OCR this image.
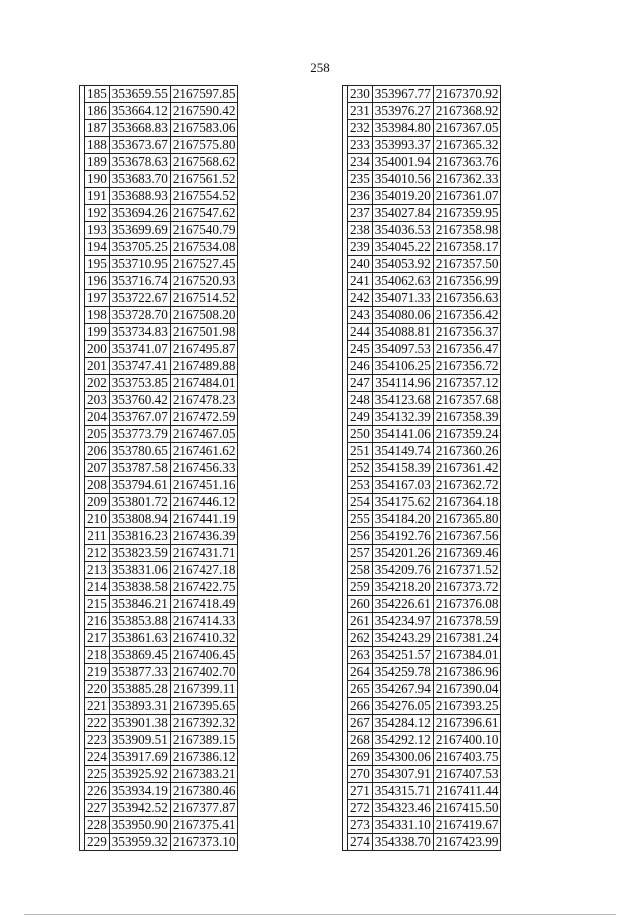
258
	185	353659.55	2167597.85
	186	353664.12	2167590.42
	187	353668.83	2167583.06
	188	353673.67	2167575.80
	189	353678.63	2167568.62
	190	353683.70	2167561.52
	191	353688.93	2167554.52
	192	353694.26	2167547.62
	193	353699.69	2167540.79
	194	353705.25	2167534.08
	195	353710.95	2167527.45
	196	353716.74	2167520.93
	197	353722.67	2167514.52
	198	353728.70	2167508.20
	199	353734.83	2167501.98
	200	353741.07	2167495.87
	201	353747.41	2167489.88
	202	353753.85	2167484.01
	203	353760.42	2167478.23
	204	353767.07	2167472.59
	205	353773.79	2167467.05
	206	353780.65	2167461.62
	207	353787.58	2167456.33
	208	353794.61	2167451.16
	209	353801.72	2167446.12
	210	353808.94	2167441.19
	211	353816.23	2167436.39
	212	353823.59	2167431.71
	213	353831.06	2167427.18
	214	353838.58	2167422.75
	215	353846.21	2167418.49
	216	353853.88	2167414.33
	217	353861.63	2167410.32
	218	353869.45	2167406.45
	219	353877.33	2167402.70
	220	353885.28	2167399.11
	221	353893.31	2167395.65
	222	353901.38	2167392.32
	223	353909.51	2167389.15
	224	353917.69	2167386.12
	225	353925.92	2167383.21
	226	353934.19	2167380.46
	227	353942.52	2167377.87
	228	353950.90	2167375.41
	229	353959.32	2167373.10
	230	353967.77	2167370.92
	231	353976.27	2167368.92
	232	353984.80	2167367.05
	233	353993.37	2167365.32
	234	354001.94	2167363.76
	235	354010.56	2167362.33
	236	354019.20	2167361.07
	237	354027.84	2167359.95
	238	354036.53	2167358.98
	239	354045.22	2167358.17
	240	354053.92	2167357.50
	241	354062.63	2167356.99
	242	354071.33	2167356.63
	243	354080.06	2167356.42
	244	354088.81	2167356.37
	245	354097.53	2167356.47
	246	354106.25	2167356.72
	247	354114.96	2167357.12
	248	354123.68	2167357.68
	249	354132.39	2167358.39
	250	354141.06	2167359.24
	251	354149.74	2167360.26
	252	354158.39	2167361.42
	253	354167.03	2167362.72
	254	354175.62	2167364.18
	255	354184.20	2167365.80
	256	354192.76	2167367.56
	257	354201.26	2167369.46
	258	354209.76	2167371.52
	259	354218.20	2167373.72
	260	354226.61	2167376.08
	261	354234.97	2167378.59
	262	354243.29	2167381.24
	263	354251.57	2167384.01
	264	354259.78	2167386.96
	265	354267.94	2167390.04
	266	354276.05	2167393.25
	267	354284.12	2167396.61
	268	354292.12	2167400.10
	269	354300.06	2167403.75
	270	354307.91	2167407.53
	271	354315.71	2167411.44
	272	354323.46	2167415.50
	273	354331.10	2167419.67
	274	354338.70	2167423.99
